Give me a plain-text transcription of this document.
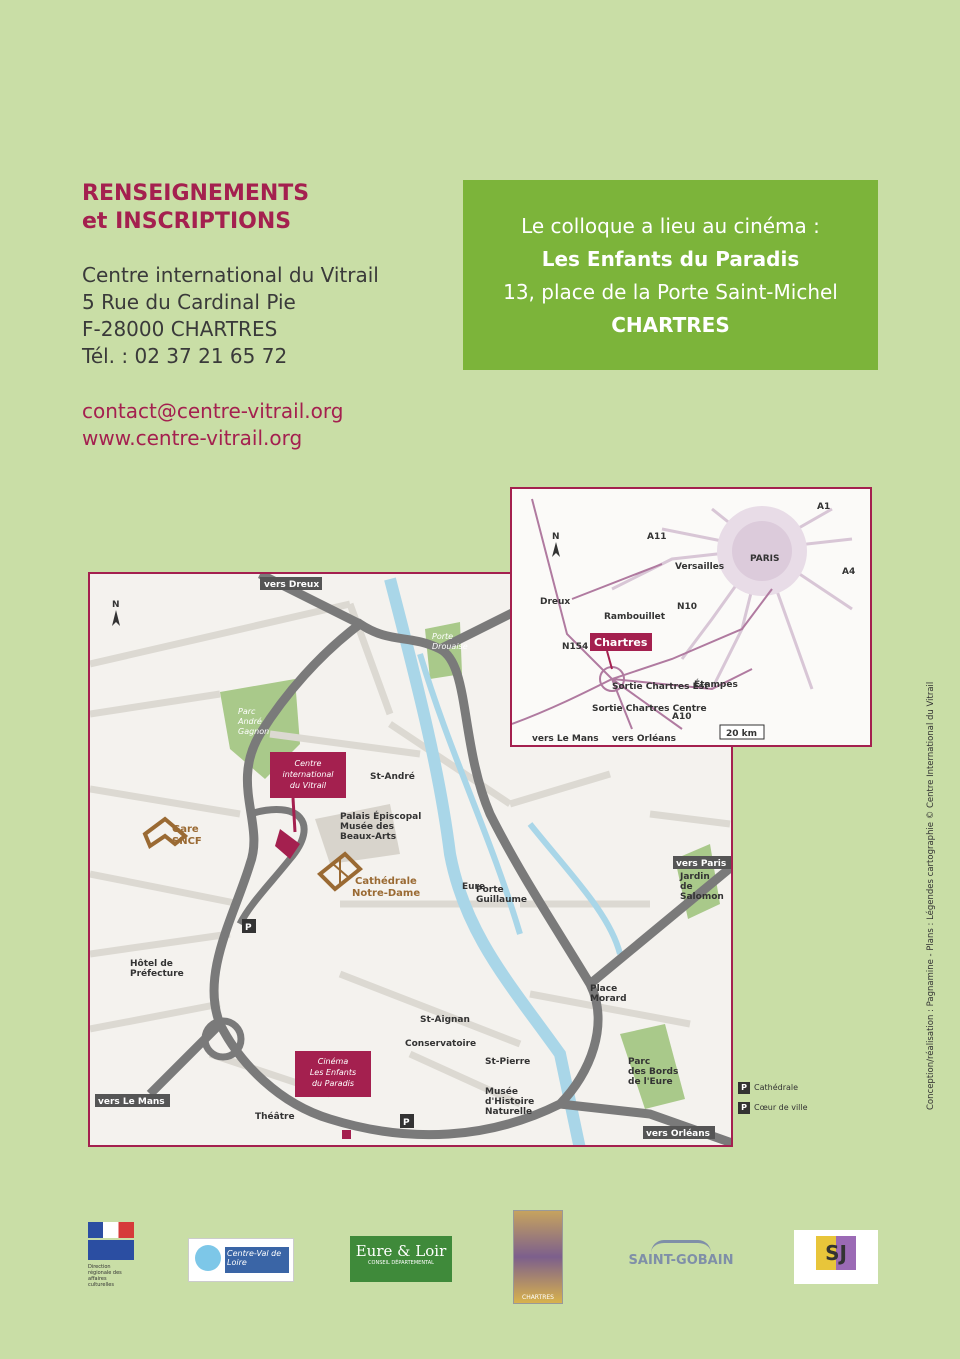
RENSEIGNEMENTS
et INSCRIPTIONS
Centre international du Vitrail
5 Rue du Cardinal Pie
F-28000 CHARTRES
Tél. : 02 37 21 65 72
contact@centre-vitrail.org
www.centre-vitrail.org
Le colloque a lieu au cinéma :
Les Enfants du Paradis
13, place de la Porte Saint-Michel
CHARTRES
vers Dreux
vers Paris
vers Le Mans
vers Orléans
N
Parc
André
Gagnon
Porte
Drouaise
Jardin
de
Salomon
Parc
des Bords
de l'Eure
Gare
SNCF
Cathédrale
Notre-Dame
Centre
international
du Vitrail
Cinéma
Les Enfants
du Paradis
Eure
Palais Épiscopal
Musée des
Beaux-Arts
St-André
St-Aignan
St-Pierre
Conservatoire
Théâtre
Hôtel de
Préfecture
Porte
Guillaume
Place
Morard
Musée
d'Histoire
Naturelle
P
P
P Cathédrale
P Cœur de ville
PARIS
Chartres
Dreux
Versailles
Rambouillet
Étampes
Sortie Chartres Est
Sortie Chartres Centre
A11
A10
N10
A4
A1
N154
vers Le Mans vers Orléans	20 km
N
Conception/réalisation : Pagnamine - Plans : Légendes cartographie © Centre International du Vitrail
Direction régionale des affaires culturelles
Centre-Val de Loire
Eure & Loir
CONSEIL DÉPARTEMENTAL
CHARTRES
SAINT-GOBAIN	SJ
